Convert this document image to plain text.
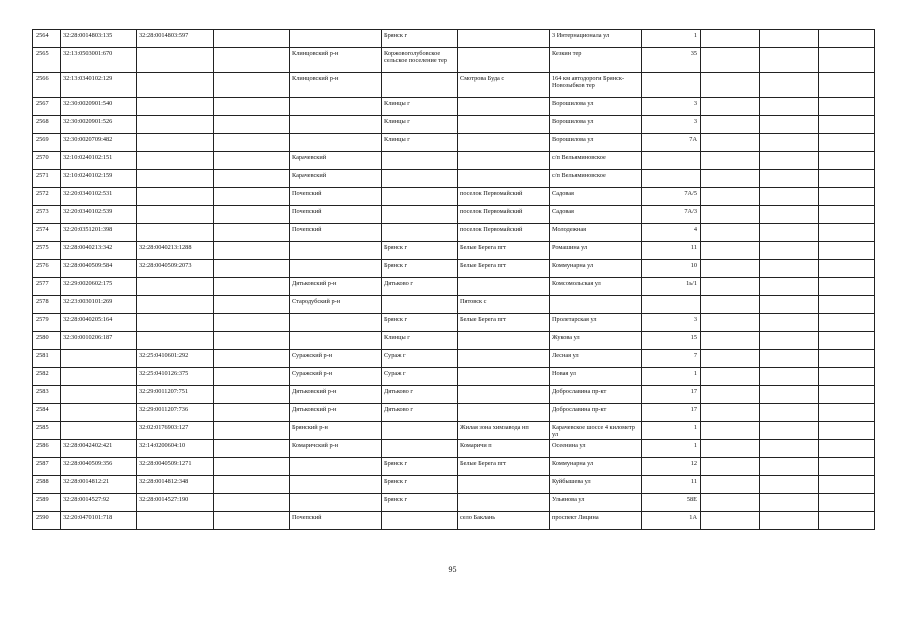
2564	32:28:0014803:135	32:28:0014803:597			Брянск г		3 Интернационала ул	1			
2565	32:13:0503001:670			Клинцовский р-н	Коржовоголубовское сельское поселение тер		Кезкин тер	35			
2566	32:13:0340102:129			Клинцовский р-н		Смотрова Буда с	164 км автодороги Брянск-Новозыбков тер				
2567	32:30:0020901:540				Клинцы г		Ворошилова ул	3			
2568	32:30:0020901:526				Клинцы г		Ворошилова ул	3			
2569	32:30:0020709:482				Клинцы г		Ворошилова ул	7А			
2570	32:10:0240102:151			Карачевский			с/п Вельяминовское				
2571	32:10:0240102:159			Карачевский			с/п Вельяминовское				
2572	32:20:0340102:531			Почепский		поселок Первомайский	Садовая	7А/5			
2573	32:20:0340102:539			Почепский		поселок Первомайский	Садовая	7А/3			
2574	32:20:0351201:398			Почепский		поселок Первомайский	Молодежная	4			
2575	32:28:0040213:342	32:28:0040213:1288			Брянск г	Белые Берега пгт	Ромашина ул	11			
2576	32:28:0040509:584	32:28:0040509:2073			Брянск г	Белые Берега пгт	Коммунарна ул	10			
2577	32:29:0020602:175			Дятьковский р-н	Дятьково г		Комсомольская ул	1ь/1			
2578	32:23:0030101:269			Стародубский р-н		Пятовск с					
2579	32:28:0040205:164				Брянск г	Белые Берега пгт	Пролетарская ул	3			
2580	32:30:0010206:187				Клинцы г		Жукова ул	15			
2581		32:25:0410601:292		Суражский р-н	Сураж г		Лесная ул	7			
2582		32:25:0410126:375		Суражский р-н	Сураж г		Новая ул	1			
2583		32:29:0011207:751		Дятьковский р-н	Дятьково г		Доброславина пр-кт	17			
2584		32:29:0011207:736		Дятьковский р-н	Дятьково г		Доброславина пр-кт	17			
2585		32:02:0176903:127		Брянский р-н		Жилая зона химзавода нп	Карачевское шоссе 4 километр ул	1			
2586	32:28:0042402:421	32:14:0200604:10		Комаричский р-н		Комаричи п	Осеенина ул	1			
2587	32:28:0040509:356	32:28:0040509:1271			Брянск г	Белые Берега пгт	Коммунарна ул	12			
2588	32:28:0014812:21	32:28:0014812:348			Брянск г		Куйбышева ул	11			
2589	32:28:0014527:92	32:28:0014527:190			Брянск г		Ульянова ул	58Е			
2590	32:20:0470101:718			Почепский		село Баклань	проспект Лицина	1А			
95
